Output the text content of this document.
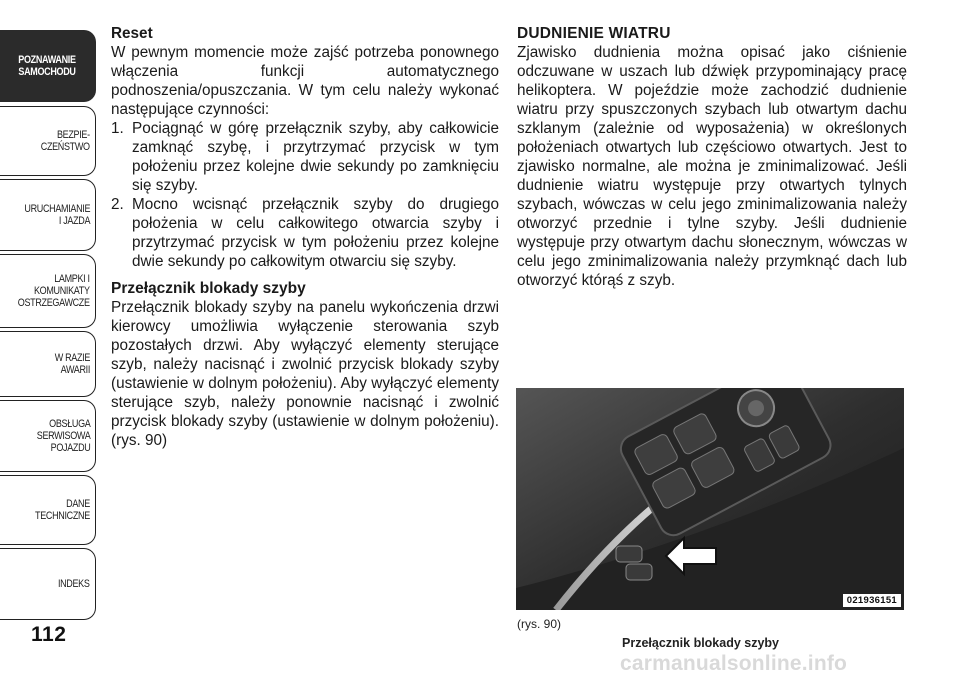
POZNAWANIE
SAMOCHODU
BEZPIE-
CZEŃSTWO
URUCHAMIANIE
I JAZDA
LAMPKI I
KOMUNIKATY
OSTRZEGAWCZE
W RAZIE
AWARII
OBSŁUGA
SERWISOWA
POJAZDU
DANE
TECHNICZNE
INDEKS
112
Reset

W pewnym momencie może zajść potrzeba ponownego włączenia funkcji automatycznego podnoszenia/opuszczania. W tym celu należy wykonać następujące czynności:

1. Pociągnąć w górę przełącznik szyby, aby całkowicie zamknąć szybę, i przytrzymać przycisk w tym położeniu przez kolejne dwie sekundy po zamknięciu się szyby.
2. Mocno wcisnąć przełącznik szyby do drugiego położenia w celu całkowitego otwarcia szyby i przytrzymać przycisk w tym położeniu przez kolejne dwie sekundy po całkowitym otwarciu się szyby.
Przełącznik blokady szyby

Przełącznik blokady szyby na panelu wykończenia drzwi kierowcy umożliwia wyłączenie sterowania szyb pozostałych drzwi. Aby wyłączyć elementy sterujące szyb, należy nacisnąć i zwolnić przycisk blokady szyby (ustawienie w dolnym położeniu). Aby wyłączyć elementy sterujące szyb, należy ponownie nacisnąć i zwolnić przycisk blokady szyby (ustawienie w dolnym położeniu). (rys. 90)

DUDNIENIE WIATRU

Zjawisko dudnienia można opisać jako ciśnienie odczuwane w uszach lub dźwięk przypominający pracę helikoptera. W pojeździe może zachodzić dudnienie wiatru przy spuszczonych szybach lub otwartym dachu szklanym (zależnie od wyposażenia) w określonych położeniach otwartych lub częściowo otwartych. Jest to zjawisko normalne, ale można je zminimalizować. Jeśli dudnienie wiatru występuje przy otwartych tylnych szybach, wówczas w celu jego zminimalizowania należy otworzyć przednie i tylne szyby. Jeśli dudnienie występuje przy otwartym dachu słonecznym, wówczas w celu jego zminimalizowania należy przymknąć dach lub otworzyć którąś z szyb.

021936151
(rys. 90)
Przełącznik blokady szyby
carmanualsonline.info
